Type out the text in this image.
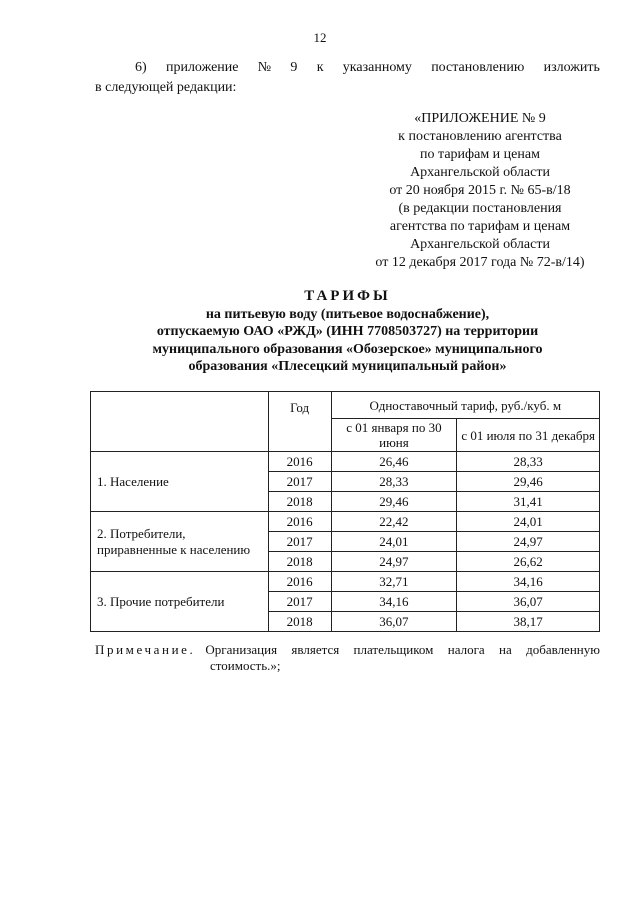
12
6) приложение № 9 к указанному постановлению изложить
в следующей редакции:
«ПРИЛОЖЕНИЕ № 9
к постановлению агентства
по тарифам и ценам
Архангельской области
от 20 ноября 2015 г. № 65-в/18
(в редакции постановления
агентства по тарифам и ценам
Архангельской области
от 12 декабря 2017 года № 72-в/14)
ТАРИФЫ
на питьевую воду (питьевое водоснабжение),
отпускаемую ОАО «РЖД» (ИНН 7708503727) на территории
муниципального образования «Обозерское» муниципального
образования «Плесецкий муниципальный район»
	Год	Одноставочный тариф, руб./куб. м	
		с 01 января по 30 июня	с 01 июля по 31 декабря
1. Население	2016	26,46	28,33
	2017	28,33	29,46
	2018	29,46	31,41
2. Потребители, приравненные к населению	2016	22,42	24,01
	2017	24,01	24,97
	2018	24,97	26,62
3. Прочие потребители	2016	32,71	34,16
	2017	34,16	36,07
	2018	36,07	38,17
Примечание. Организация является плательщиком налога на добавленную
стоимость.»;
